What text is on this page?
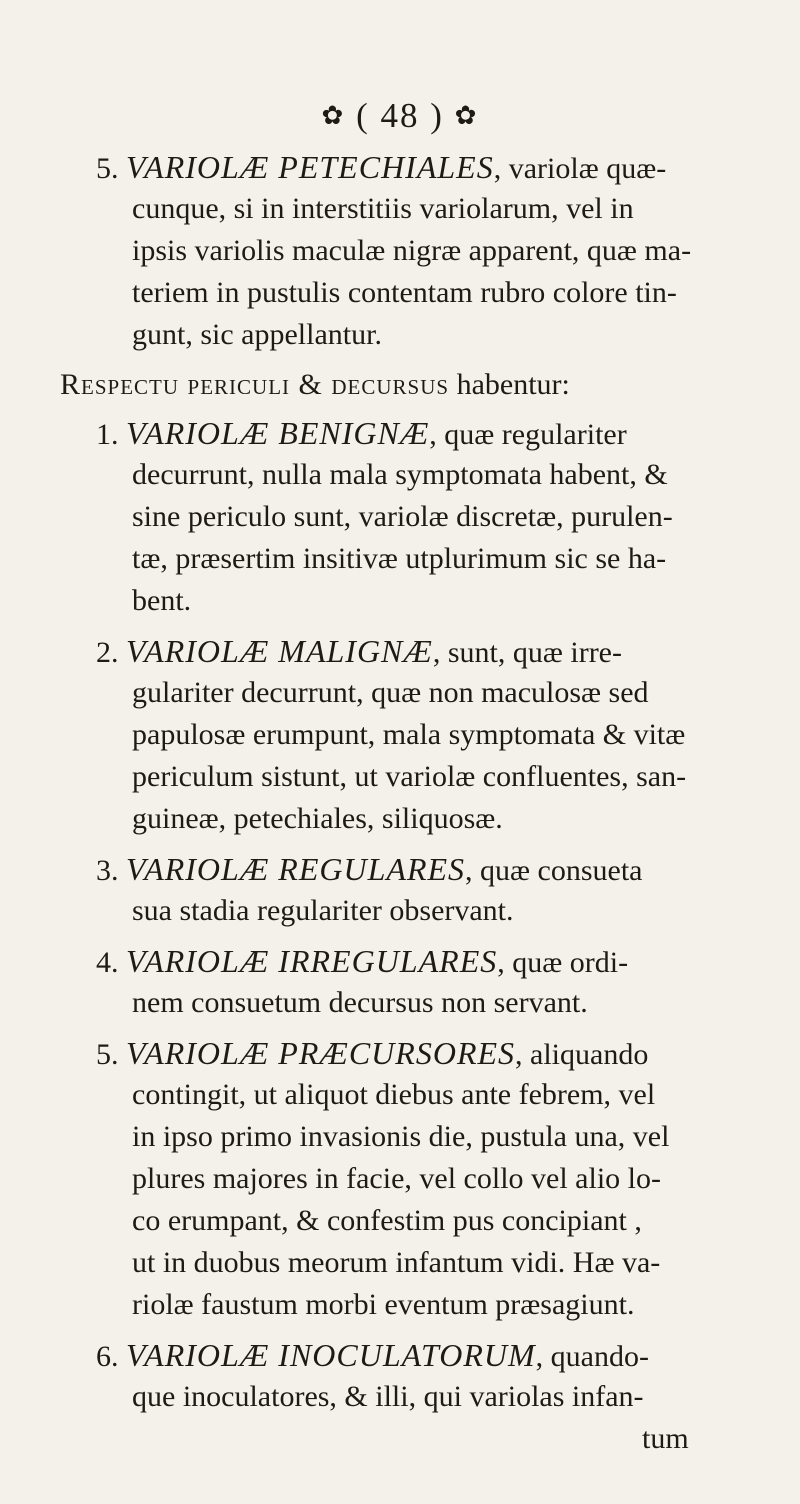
✿ ( 48 ) ✿
5. VARIOLÆ PETECHIALES, variolæ quæ-
cunque, si in interstitiis variolarum, vel in
ipsis variolis maculæ nigræ apparent, quæ ma-
teriem in pustulis contentam rubro colore tin-
gunt, sic appellantur.
Respectu periculi & decursus habentur:
1. VARIOLÆ BENIGNÆ, quæ regulariter
decurrunt, nulla mala symptomata habent, &
sine periculo sunt, variolæ discretæ, purulen-
tæ, præsertim insitivæ utplurimum sic se ha-
bent.
2. VARIOLÆ MALIGNÆ, sunt, quæ irre-
gulariter decurrunt, quæ non maculosæ sed
papulosæ erumpunt, mala symptomata & vitæ
periculum sistunt, ut variolæ confluentes, san-
guineæ, petechiales, siliquosæ.
3. VARIOLÆ REGULARES, quæ consueta
sua stadia regulariter observant.
4. VARIOLÆ IRREGULARES, quæ ordi-
nem consuetum decursus non servant.
5. VARIOLÆ PRÆCURSORES, aliquando
contingit, ut aliquot diebus ante febrem, vel
in ipso primo invasionis die, pustula una, vel
plures majores in facie, vel collo vel alio lo-
co erumpant, & confestim pus concipiant ,
ut in duobus meorum infantum vidi. Hæ va-
riolæ faustum morbi eventum præsagiunt.
6. VARIOLÆ INOCULATORUM, quando-
que inoculatores, & illi, qui variolas infan-
tum
